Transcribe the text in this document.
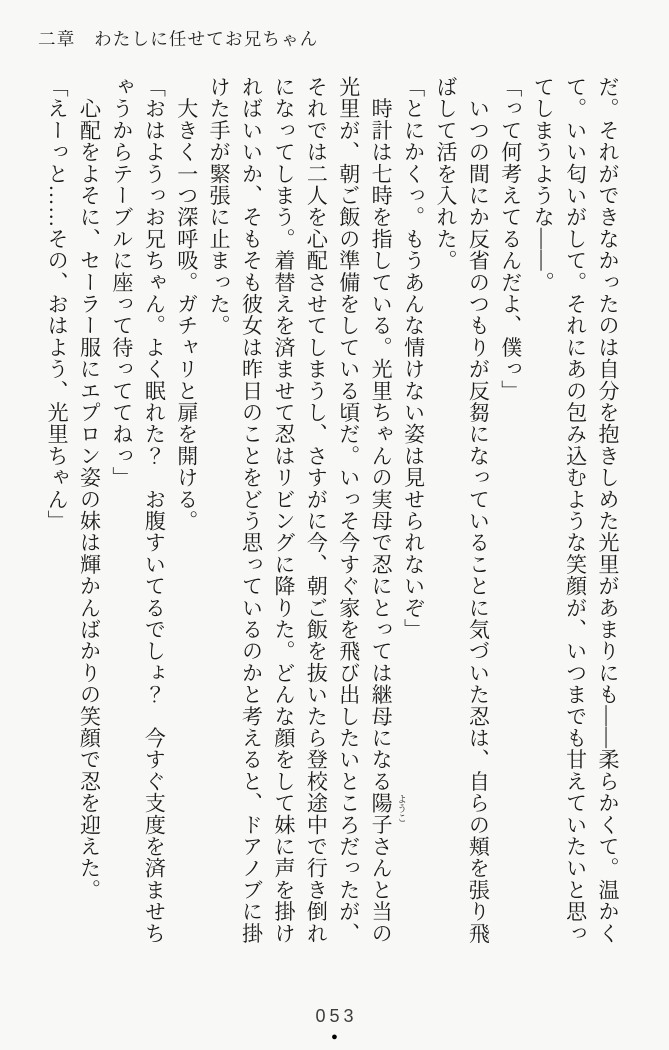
二章　わたしに任せてお兄ちゃん

だ。それができなかったのは自分を抱きしめた光里があまりにも――柔らかくて。温かく

て。いい匂いがして。それにあの包み込むような笑顔が、いつまでも甘えていたいと思っ

てしまうような――。

「って何考えてるんだよ、僕っ」

　いつの間にか反省のつもりが反芻になっていることに気づいた忍は、自らの頬を張り飛

ばして活を入れた。

「とにかくっ。もうあんな情けない姿は見せられないぞ」

　時計は七時を指している。光里ちゃんの実母で忍にとっては継母になる陽子 ようこ
さんと当の

光里が、朝ご飯の準備をしている頃だ。いっそ今すぐ家を飛び出したいところだったが、

それでは二人を心配させてしまうし、さすがに今、朝ご飯を抜いたら登校途中で行き倒れ

になってしまう。着替えを済ませて忍はリビングに降りた。どんな顔をして妹に声を掛け

ればいいか、そもそも彼女は昨日のことをどう思っているのかと考えると、ドアノブに掛

けた手が緊張に止まった。

　大きく一つ深呼吸。ガチャリと扉を開ける。

「おはようっお兄ちゃん。よく眠れた？　お腹すいてるでしょ？　今すぐ支度を済ませち

ゃうからテーブルに座って待っててねっ」

　心配をよそに、セーラー服にエプロン姿の妹は輝かんばかりの笑顔で忍を迎えた。

「えーっと……その、おはよう、光里ちゃん」

053
●
